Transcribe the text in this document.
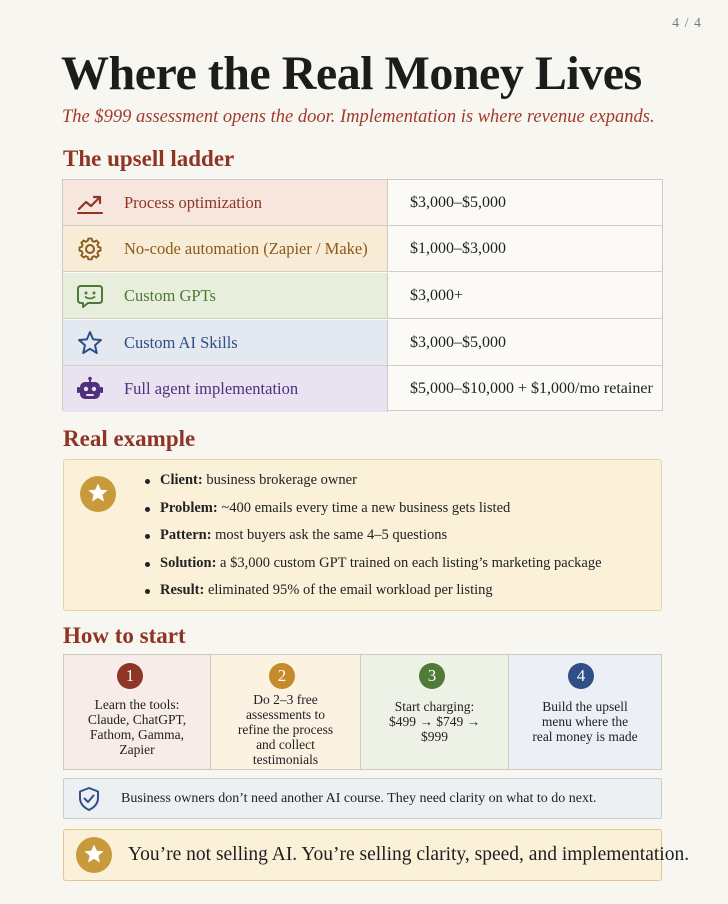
4 / 4
Where the Real Money Lives
The $999 assessment opens the door. Implementation is where revenue expands.
The upsell ladder
Process optimization	$3,000–$5,000
No-code automation (Zapier / Make)	$1,000–$3,000
Custom GPTs	$3,000+
Custom AI Skills	$3,000–$5,000
Full agent implementation	$5,000–$10,000 + $1,000/mo retainer
Real example
Client: business brokerage owner
Problem: ~400 emails every time a new business gets listed
Pattern: most buyers ask the same 4–5 questions
Solution: a $3,000 custom GPT trained on each listing’s marketing package
Result: eliminated 95% of the email workload per listing
How to start
1
Learn the tools:
Claude, ChatGPT,
Fathom, Gamma,
Zapier
2
Do 2–3 free
assessments to
refine the process
and collect
testimonials
3
Start charging:
$499 → $749 →
$999
4
Build the upsell
menu where the
real money is made
Business owners don’t need another AI course. They need clarity on what to do next.
You’re not selling AI. You’re selling clarity, speed, and implementation.
